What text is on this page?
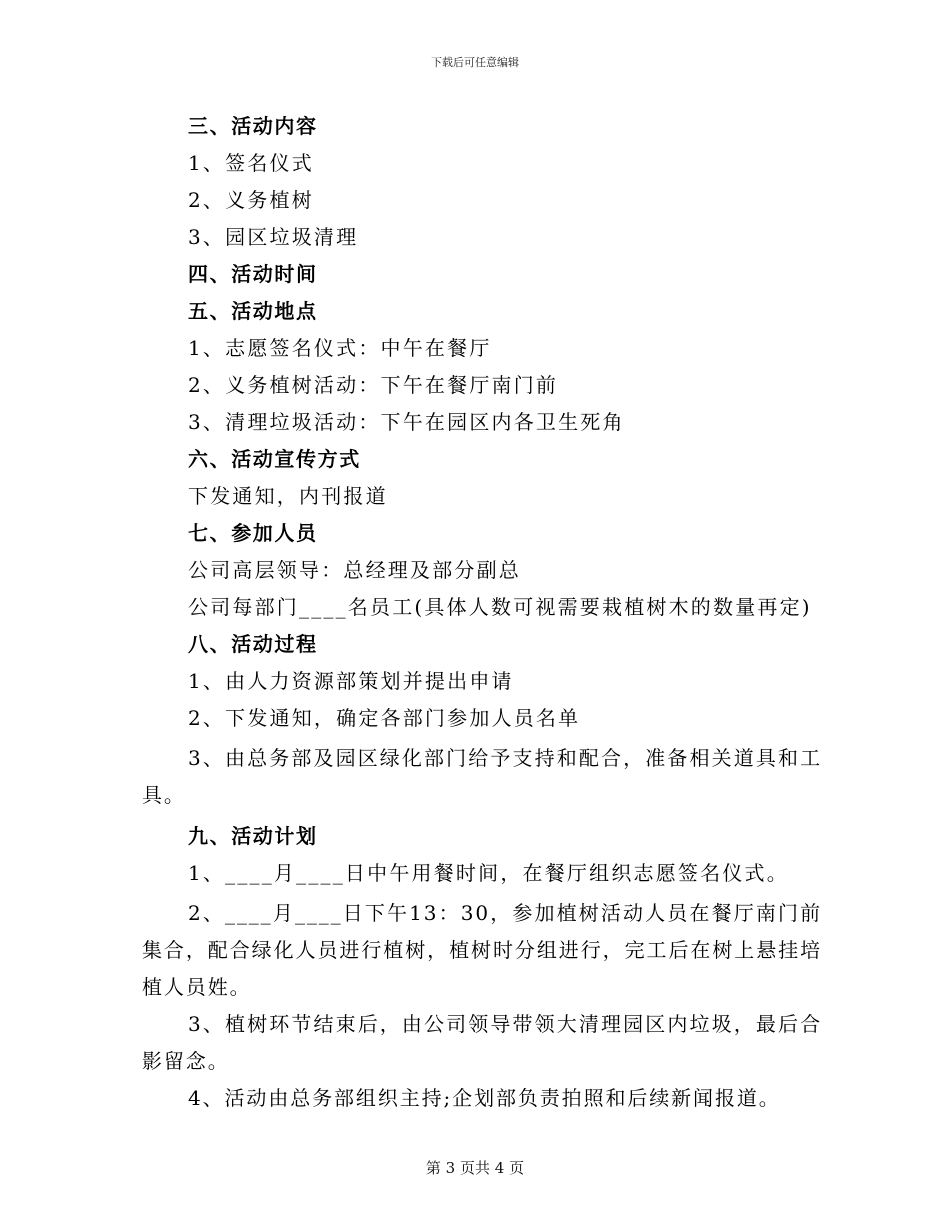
下载后可任意编辑
三、活动内容
1、签名仪式
2、义务植树
3、园区垃圾清理
四、活动时间
五、活动地点
1、志愿签名仪式：中午在餐厅
2、义务植树活动：下午在餐厅南门前
3、清理垃圾活动：下午在园区内各卫生死角
六、活动宣传方式
下发通知，内刊报道
七、参加人员
公司高层领导：总经理及部分副总
公司每部门____名员工(具体人数可视需要栽植树木的数量再定)
八、活动过程
1、由人力资源部策划并提出申请
2、下发通知，确定各部门参加人员名单
3、由总务部及园区绿化部门给予支持和配合，准备相关道具和工具。
九、活动计划
1、____月____日中午用餐时间，在餐厅组织志愿签名仪式。
2、____月____日下午13：30，参加植树活动人员在餐厅南门前集合，配合绿化人员进行植树，植树时分组进行，完工后在树上悬挂培植人员姓。
3、植树环节结束后，由公司领导带领大清理园区内垃圾，最后合影留念。
4、活动由总务部组织主持;企划部负责拍照和后续新闻报道。
第 3 页共 4 页
